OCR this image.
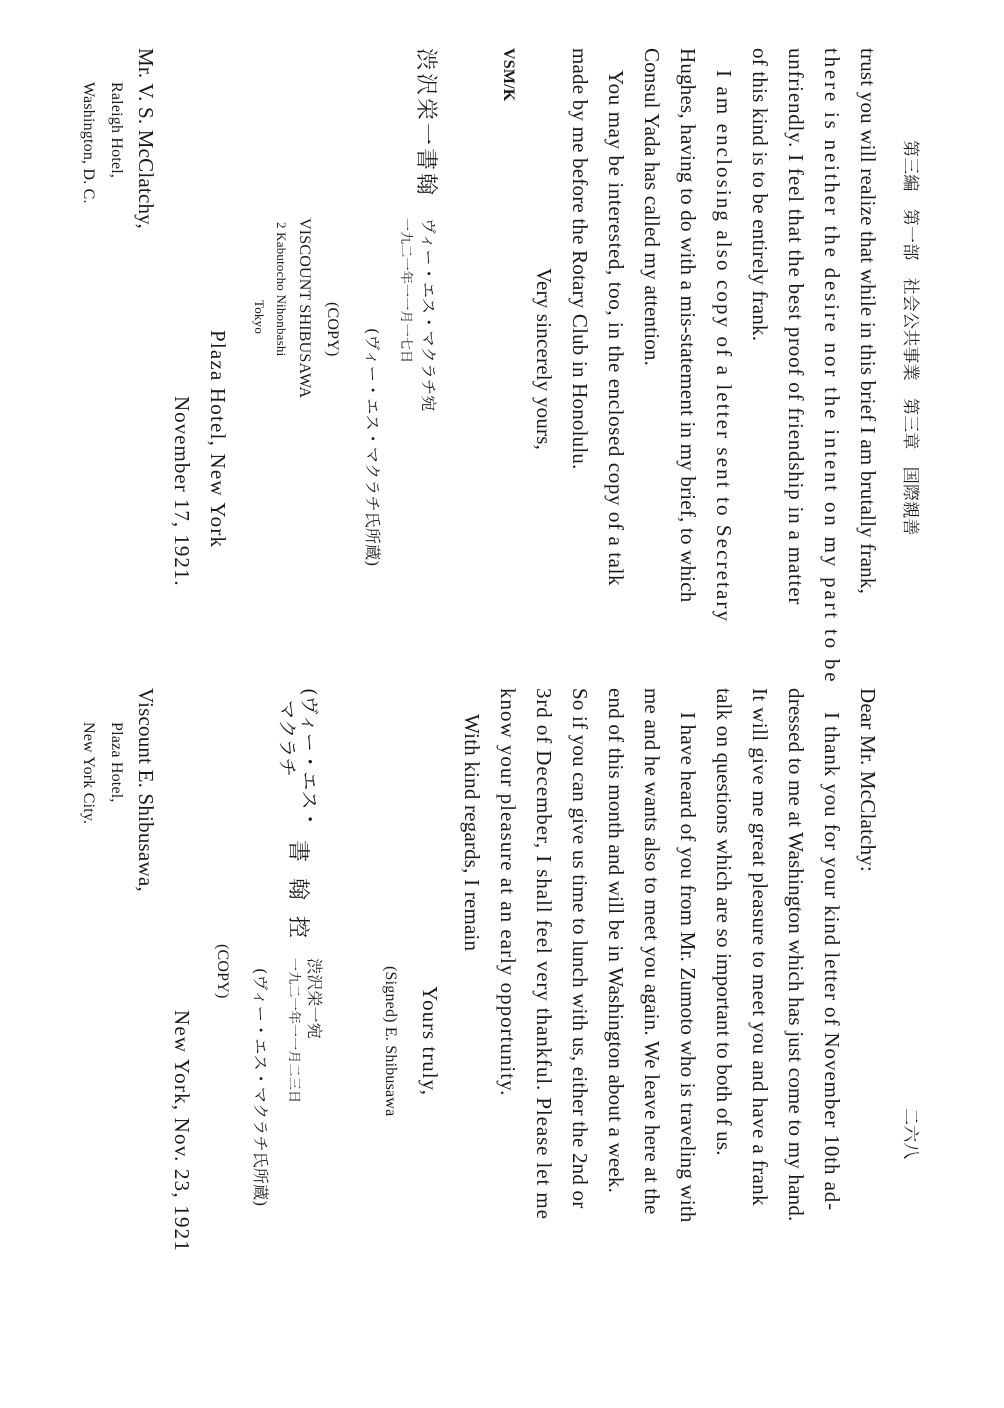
第三編　第一部　社会公共事業　第三章　国際親善
二六八
trust you will realize that while in this brief I am brutally frank,
there is neither the desire nor the intent on my part to be
unfriendly. I feel that the best proof of friendship in a matter
of this kind is to be entirely frank.
I am enclosing also copy of a letter sent to Secretary
Hughes, having to do with a mis-statement in my brief, to which
Consul Yada has called my attention.
You may be interested, too, in the enclosed copy of a talk
made by me before the Rotary Club in Honolulu.
Very sincerely yours,
VSM/K
渋沢栄一書翰
ヴィー・エス・マクラチ宛
一九二一年一一月一七日
(ヴィー・エス・マクラチ氏所蔵)
(COPY)
VISCOUNT SHIBUSAWA
2 Kabutocho Nihonbashi
Tokyo
Plaza Hotel, New York
November 17, 1921.
Mr. V. S. McClatchy,
Raleigh Hotel,
Washington, D. C.
Dear Mr. McClatchy:
I thank you for your kind letter of November 10th ad-
dressed to me at Washington which has just come to my hand.
It will give me great pleasure to meet you and have a frank
talk on questions which are so important to both of us.
I have heard of you from Mr. Zumoto who is traveling with
me and he wants also to meet you again. We leave here at the
end of this month and will be in Washington about a week.
So if you can give us time to lunch with us, either the 2nd or
3rd of December, I shall feel very thankful. Please let me
know your pleasure at an early opportunity.
With kind regards, I remain
Yours truly,
(Signed) E. Shibusawa
(ヴィー・エス・
マクラチ
書翰控
渋沢栄一宛
一九二一年一一月二三日
(ヴィー・エス・マクラチ氏所蔵)
(COPY)
New York, Nov. 23, 1921
Viscount E. Shibusawa,
Plaza Hotel,
New York City.
